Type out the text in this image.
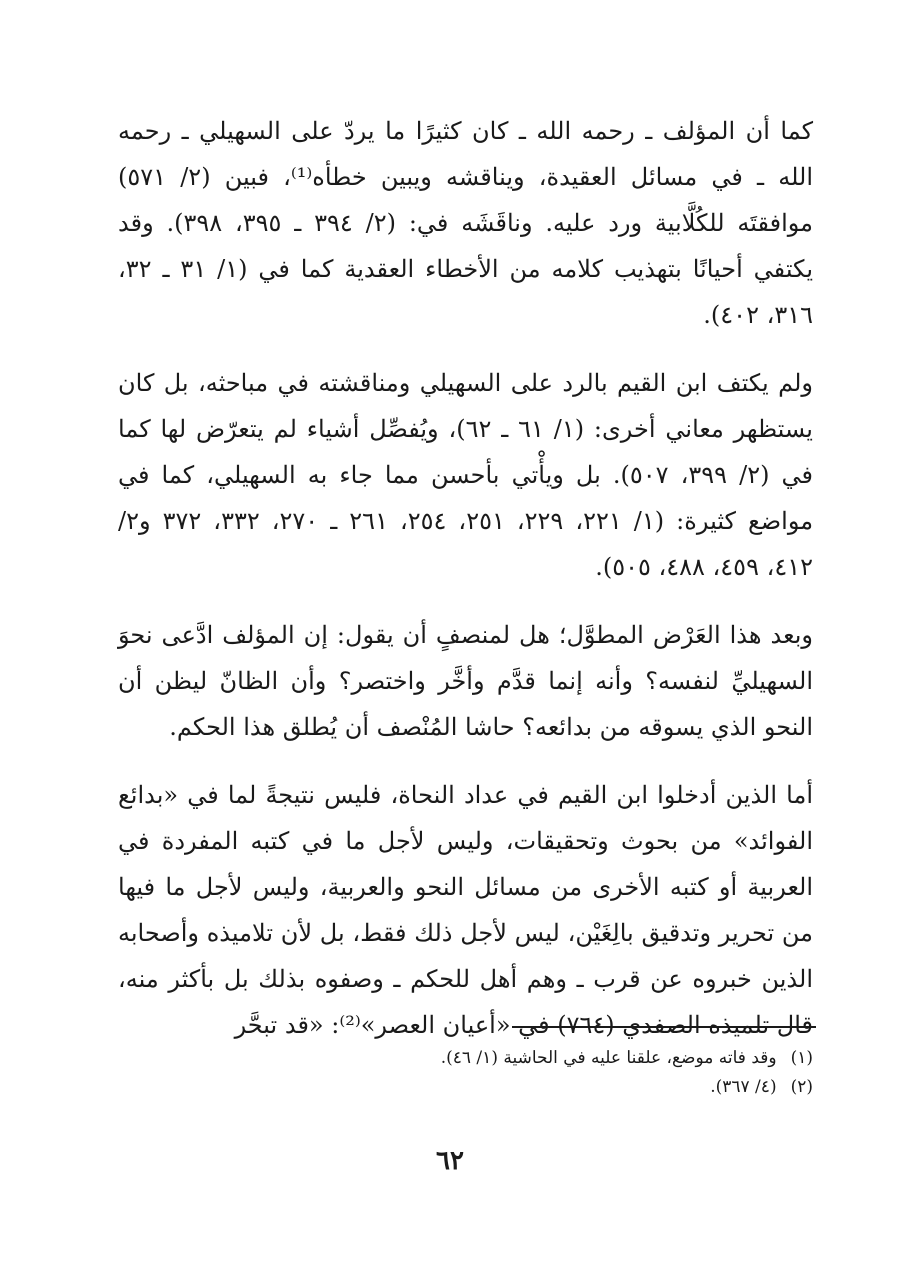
كما أن المؤلف ـ رحمه الله ـ كان كثيرًا ما يردّ على السهيلي ـ رحمه الله ـ في مسائل العقيدة، ويناقشه ويبين خطأه⁽¹⁾، فبين (٢/ ٥٧١) موافقتَه للكُلَّابية ورد عليه. وناقَشَه في: (٢/ ٣٩٤ ـ ٣٩٥، ٣٩٨). وقد يكتفي أحيانًا بتهذيب كلامه من الأخطاء العقدية كما في (١/ ٣١ ـ ٣٢، ٣١٦، ٤٠٢).

ولم يكتف ابن القيم بالرد على السهيلي ومناقشته في مباحثه، بل كان يستظهر معاني أخرى: (١/ ٦١ ـ ٦٢)، ويُفصِّل أشياء لم يتعرّض لها كما في (٢/ ٣٩٩، ٥٠٧). بل ويأْتي بأحسن مما جاء به السهيلي، كما في مواضع كثيرة: (١/ ٢٢١، ٢٢٩، ٢٥١، ٢٥٤، ٢٦١ ـ ٢٧٠، ٣٣٢، ٣٧٢ و٢/ ٤١٢، ٤٥٩، ٤٨٨، ٥٠٥).

وبعد هذا العَرْض المطوَّل؛ هل لمنصفٍ أن يقول: إن المؤلف ادَّعى نحوَ السهيليِّ لنفسه؟ وأنه إنما قدَّم وأخَّر واختصر؟ وأن الظانّ ليظن أن النحو الذي يسوقه من بدائعه؟ حاشا المُنْصف أن يُطلق هذا الحكم.

أما الذين أدخلوا ابن القيم في عداد النحاة، فليس نتيجةً لما في «بدائع الفوائد» من بحوث وتحقيقات، وليس لأجل ما في كتبه المفردة في العربية أو كتبه الأخرى من مسائل النحو والعربية، وليس لأجل ما فيها من تحرير وتدقيق بالِغَيْن، ليس لأجل ذلك فقط، بل لأن تلاميذه وأصحابه الذين خبروه عن قرب ـ وهم أهل للحكم ـ وصفوه بذلك بل بأكثر منه، قال تلميذه الصفدي (٧٦٤) في «أعيان العصر»⁽²⁾: «قد تبحَّر

(١)
وقد فاته موضع، علقنا عليه في الحاشية (١/ ٤٦).
(٢)
(٤/ ٣٦٧).
٦٢
